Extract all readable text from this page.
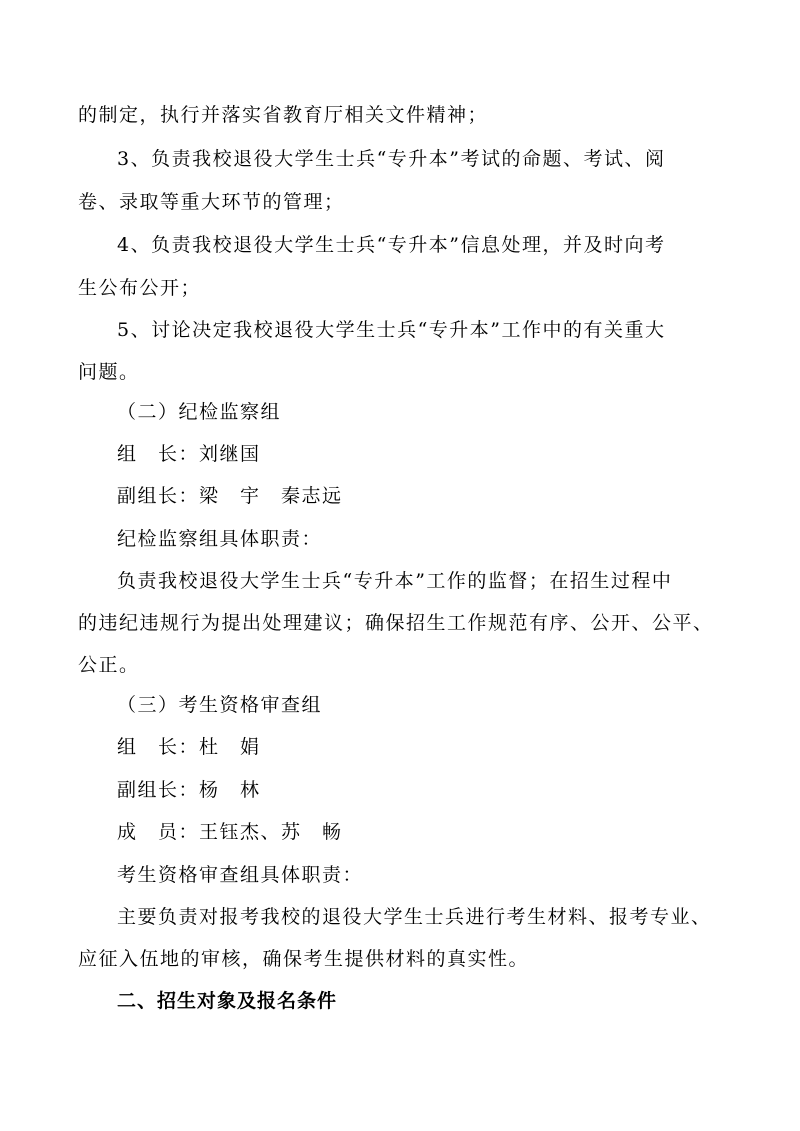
的制定，执行并落实省教育厅相关文件精神；
3、负责我校退役大学生士兵“专升本”考试的命题、考试、阅
卷、录取等重大环节的管理；
4、负责我校退役大学生士兵“专升本”信息处理，并及时向考
生公布公开；
5、讨论决定我校退役大学生士兵“专升本”工作中的有关重大
问题。
（二）纪检监察组
组　长：刘继国
副组长：梁　宇　秦志远
纪检监察组具体职责：
负责我校退役大学生士兵“专升本”工作的监督；在招生过程中
的违纪违规行为提出处理建议；确保招生工作规范有序、公开、公平、
公正。
（三）考生资格审查组
组　长：杜　娟
副组长：杨　林
成　员：王钰杰、苏　畅
考生资格审查组具体职责：
主要负责对报考我校的退役大学生士兵进行考生材料、报考专业、
应征入伍地的审核，确保考生提供材料的真实性。
二、招生对象及报名条件
